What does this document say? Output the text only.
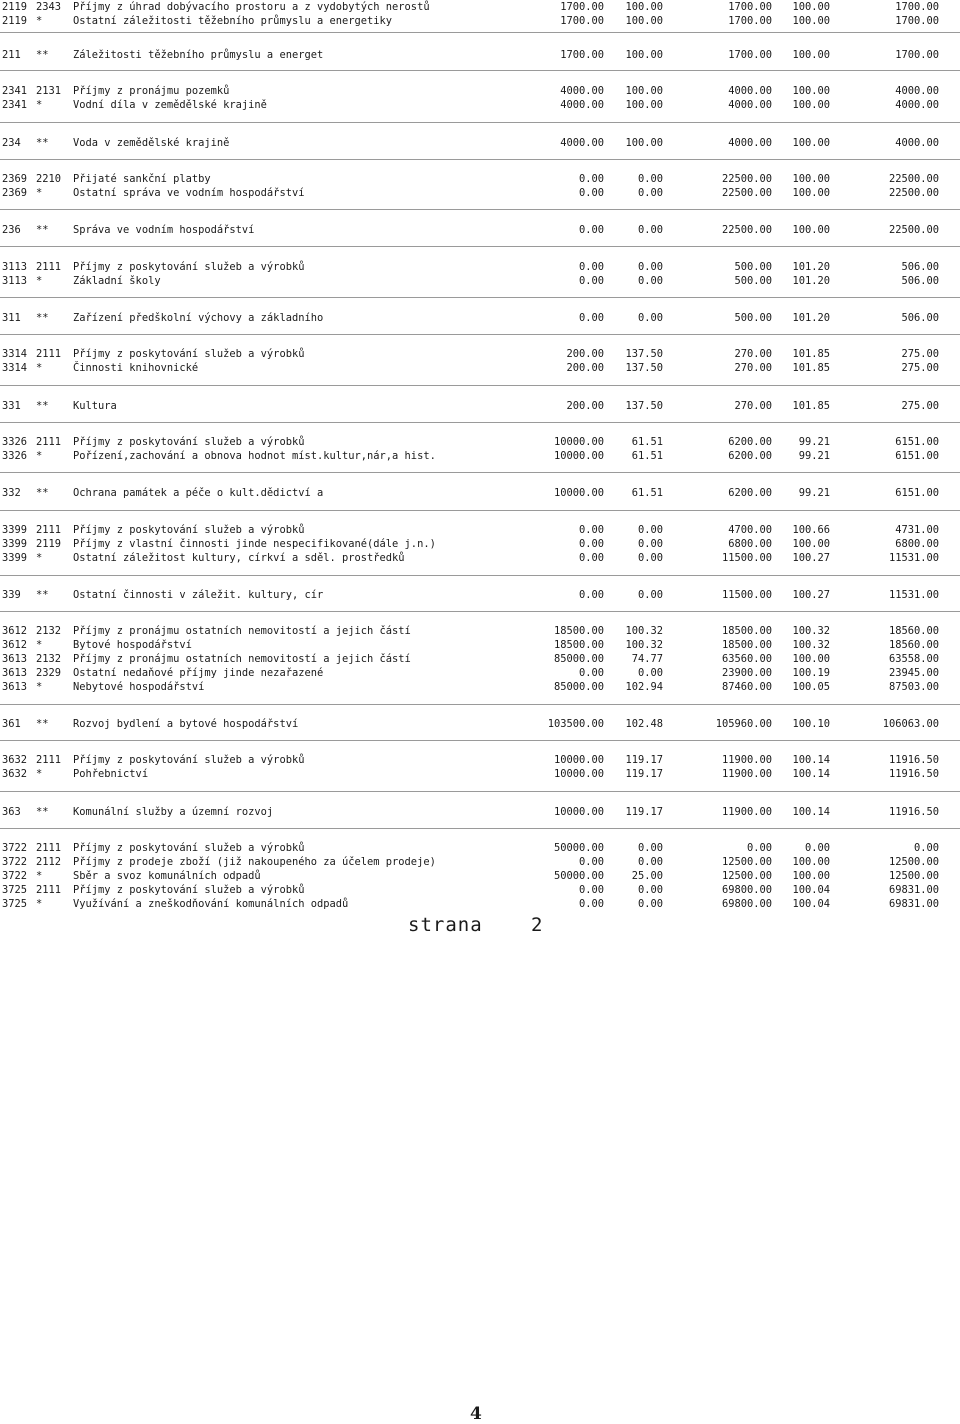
2119 2343 Příjmy z úhrad dobývacího prostoru a z vydobytých nerostů	1700.00 100.00	1700.00 100.00	1700.00
2119 *	Ostatní záležitosti těžebního průmyslu a energetiky	1700.00 100.00	1700.00 100.00	1700.00
211 ** Záležitosti těžebního průmyslu a energet	1700.00 100.00	1700.00 100.00	1700.00
2341 2131 Příjmy z pronájmu pozemků	4000.00 100.00	4000.00 100.00	4000.00
2341 *	Vodní díla v zemědělské krajině	4000.00 100.00	4000.00 100.00	4000.00
234 ** Voda v zemědělské krajině	4000.00 100.00	4000.00 100.00	4000.00
2369 2210 Přijaté sankční platby	0.00	0.00	22500.00 100.00	22500.00
2369 *	Ostatní správa ve vodním hospodářství	0.00	0.00	22500.00 100.00	22500.00
236 ** Správa ve vodním hospodářství	0.00	0.00	22500.00 100.00	22500.00
3113 2111 Příjmy z poskytování služeb a výrobků	0.00	0.00	500.00 101.20	506.00
3113 *	Základní školy	0.00	0.00	500.00 101.20	506.00
311 ** Zařízení předškolní výchovy a základního	0.00	0.00	500.00 101.20	506.00
3314 2111 Příjmy z poskytování služeb a výrobků	200.00 137.50	270.00 101.85	275.00
3314 *	Činnosti knihovnické	200.00 137.50	270.00 101.85	275.00
331 ** Kultura	200.00 137.50	270.00 101.85	275.00
3326 2111 Příjmy z poskytování služeb a výrobků	10000.00	61.51	6200.00	99.21	6151.00
3326 *	Pořízení,zachování a obnova hodnot míst.kultur,nár,a hist.	10000.00	61.51	6200.00	99.21	6151.00
332 ** Ochrana památek a péče o kult.dědictví a	10000.00	61.51	6200.00	99.21	6151.00
3399 2111 Příjmy z poskytování služeb a výrobků	0.00	0.00	4700.00 100.66	4731.00
3399 2119 Příjmy z vlastní činnosti jinde nespecifikované(dále j.n.)	0.00	0.00	6800.00 100.00	6800.00
3399 *	Ostatní záležitost kultury, církví a sděl. prostředků	0.00	0.00	11500.00 100.27	11531.00
339 ** Ostatní činnosti v záležit. kultury, cír	0.00	0.00	11500.00 100.27	11531.00
3612 2132 Příjmy z pronájmu ostatních nemovitostí a jejich částí	18500.00 100.32	18500.00 100.32	18560.00
3612 *	Bytové hospodářství	18500.00 100.32	18500.00 100.32	18560.00
3613 2132 Příjmy z pronájmu ostatních nemovitostí a jejich částí	85000.00	74.77	63560.00 100.00	63558.00
3613 2329 Ostatní nedaňové příjmy jinde nezařazené	0.00	0.00	23900.00 100.19	23945.00
3613 *	Nebytové hospodářství	85000.00 102.94	87460.00 100.05	87503.00
361 ** Rozvoj bydlení a bytové hospodářství	103500.00 102.48	105960.00 100.10	106063.00
3632 2111 Příjmy z poskytování služeb a výrobků	10000.00 119.17	11900.00 100.14	11916.50
3632 *	Pohřebnictví	10000.00 119.17	11900.00 100.14	11916.50
363 ** Komunální služby a územní rozvoj	10000.00 119.17	11900.00 100.14	11916.50
3722 2111 Příjmy z poskytování služeb a výrobků	50000.00	0.00	0.00	0.00	0.00
3722 2112 Příjmy z prodeje zboží (již nakoupeného za účelem prodeje)	0.00	0.00	12500.00 100.00	12500.00
3722 *	Sběr a svoz komunálních odpadů	50000.00	25.00	12500.00 100.00	12500.00
3725 2111 Příjmy z poskytování služeb a výrobků	0.00	0.00	69800.00 100.04	69831.00
3725 *	Využívání a zneškodňování komunálních odpadů	0.00	0.00	69800.00 100.04	69831.00
strana	2
4
